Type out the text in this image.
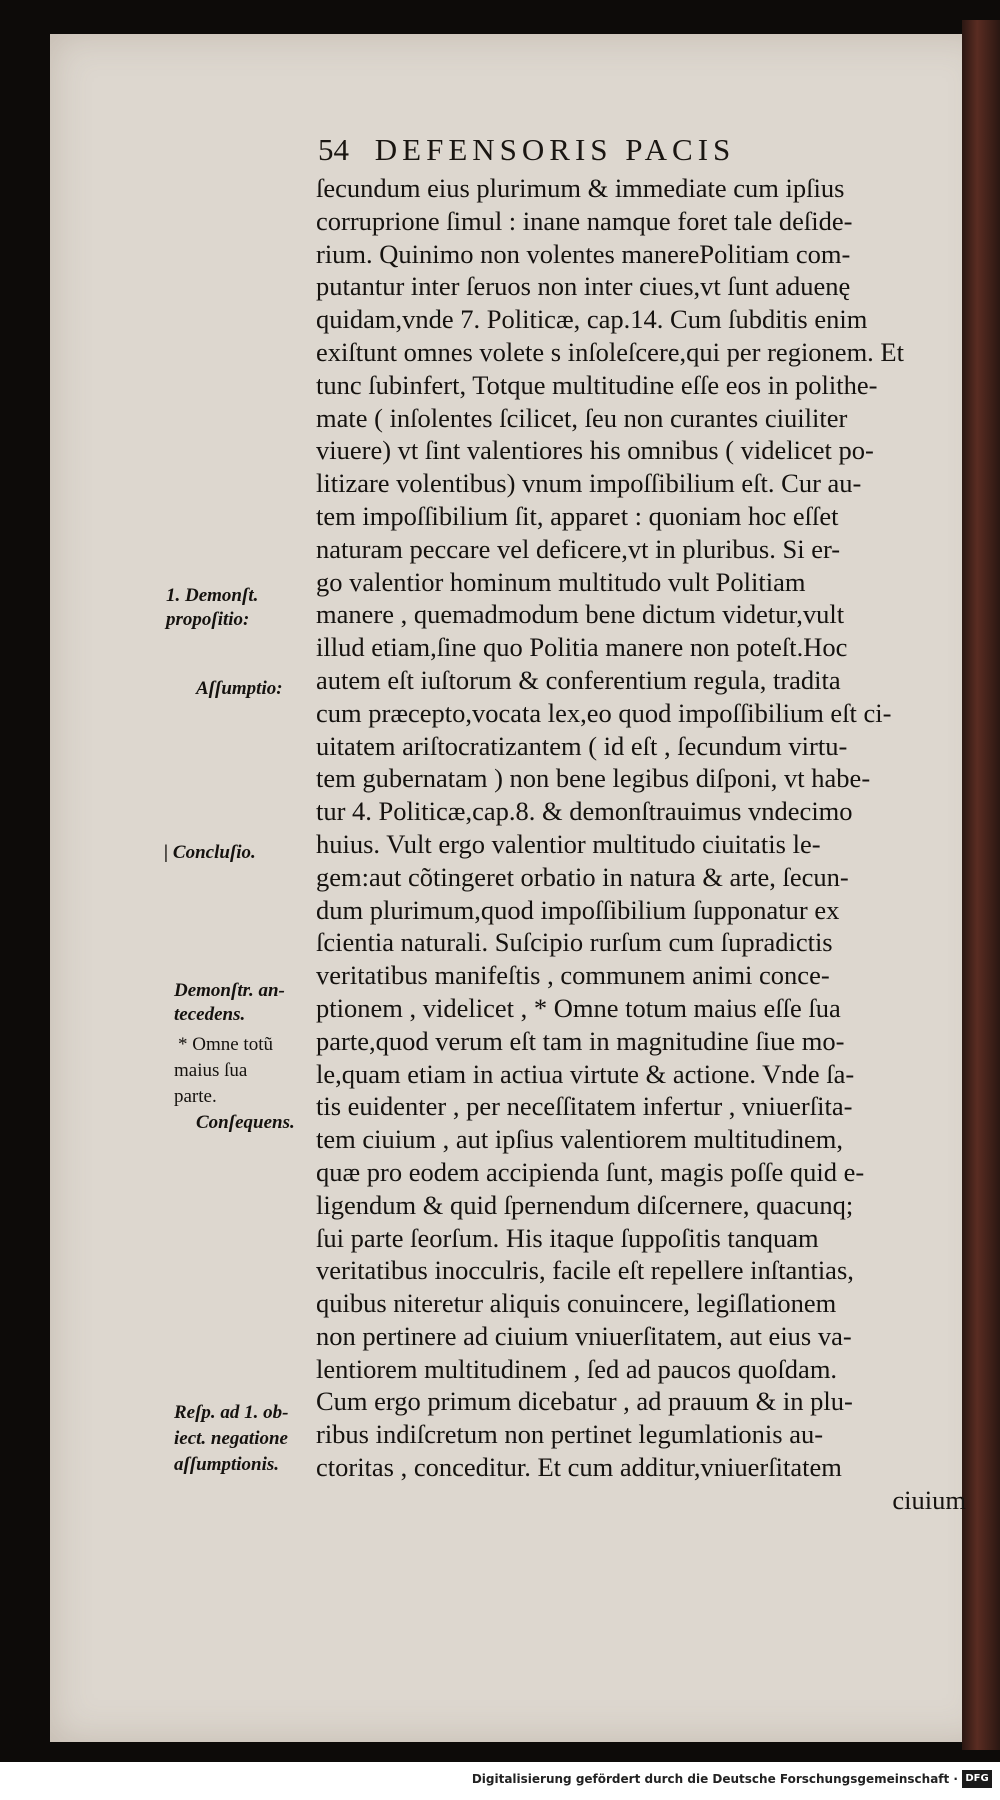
54 DEFENSORIS PACIS
ſecundum eius plurimum & immediate cum ipſius
corruprione ſimul : inane namque foret tale deſide-
rium. Quinimo non volentes manerePolitiam com-
putantur inter ſeruos non inter ciues,vt ſunt aduenę
quidam,vnde 7. Politicæ, cap.14. Cum ſubditis enim
exiſtunt omnes volete s inſoleſcere,qui per regionem. Et
tunc ſubinfert, Totque multitudine eſſe eos in polithe-
mate ( inſolentes ſcilicet, ſeu non curantes ciuiliter
viuere) vt ſint valentiores his omnibus ( videlicet po-
litizare volentibus) vnum impoſſibilium eſt. Cur au-
tem impoſſibilium ſit, apparet : quoniam hoc eſſet
naturam peccare vel deficere,vt in pluribus. Si er-
go valentior hominum multitudo vult Politiam
manere , quemadmodum bene dictum videtur,vult
illud etiam,ſine quo Politia manere non poteſt.Hoc
autem eſt iuſtorum & conferentium regula, tradita
cum præcepto,vocata lex,eo quod impoſſibilium eſt ci-
uitatem ariſtocratizantem ( id eſt , ſecundum virtu-
tem gubernatam ) non bene legibus diſponi, vt habe-
tur 4. Politicæ,cap.8. & demonſtrauimus vndecimo
huius. Vult ergo valentior multitudo ciuitatis le-
gem:aut cõtingeret orbatio in natura & arte, ſecun-
dum plurimum,quod impoſſibilium ſupponatur ex
ſcientia naturali. Suſcipio rurſum cum ſupradictis
veritatibus manifeſtis , communem animi conce-
ptionem , videlicet , * Omne totum maius eſſe ſua
parte,quod verum eſt tam in magnitudine ſiue mo-
le,quam etiam in actiua virtute & actione. Vnde ſa-
tis euidenter , per neceſſitatem infertur , vniuerſita-
tem ciuium , aut ipſius valentiorem multitudinem,
quæ pro eodem accipienda ſunt, magis poſſe quid e-
ligendum & quid ſpernendum diſcernere, quacunq;
ſui parte ſeorſum. His itaque ſuppoſitis tanquam
veritatibus inocculris, facile eſt repellere inſtantias,
quibus niteretur aliquis conuincere, legiſlationem
non pertinere ad ciuium vniuerſitatem, aut eius va-
lentiorem multitudinem , ſed ad paucos quoſdam.
Cum ergo primum dicebatur , ad prauum & in plu-
ribus indiſcretum non pertinet legumlationis au-
ctoritas , conceditur. Et cum additur,vniuerſitatem
ciuium
1. Demonſt.
propoſitio:
Aſſumptio:
| Concluſio.
Demonſtr. an-
tecedens.
* Omne totũ
maius ſua
parte.
Conſequens.
Reſp. ad 1. ob-
iect. negatione
aſſumptionis.
Digitalisierung gefördert durch die Deutsche Forschungsgemeinschaft · DFG
